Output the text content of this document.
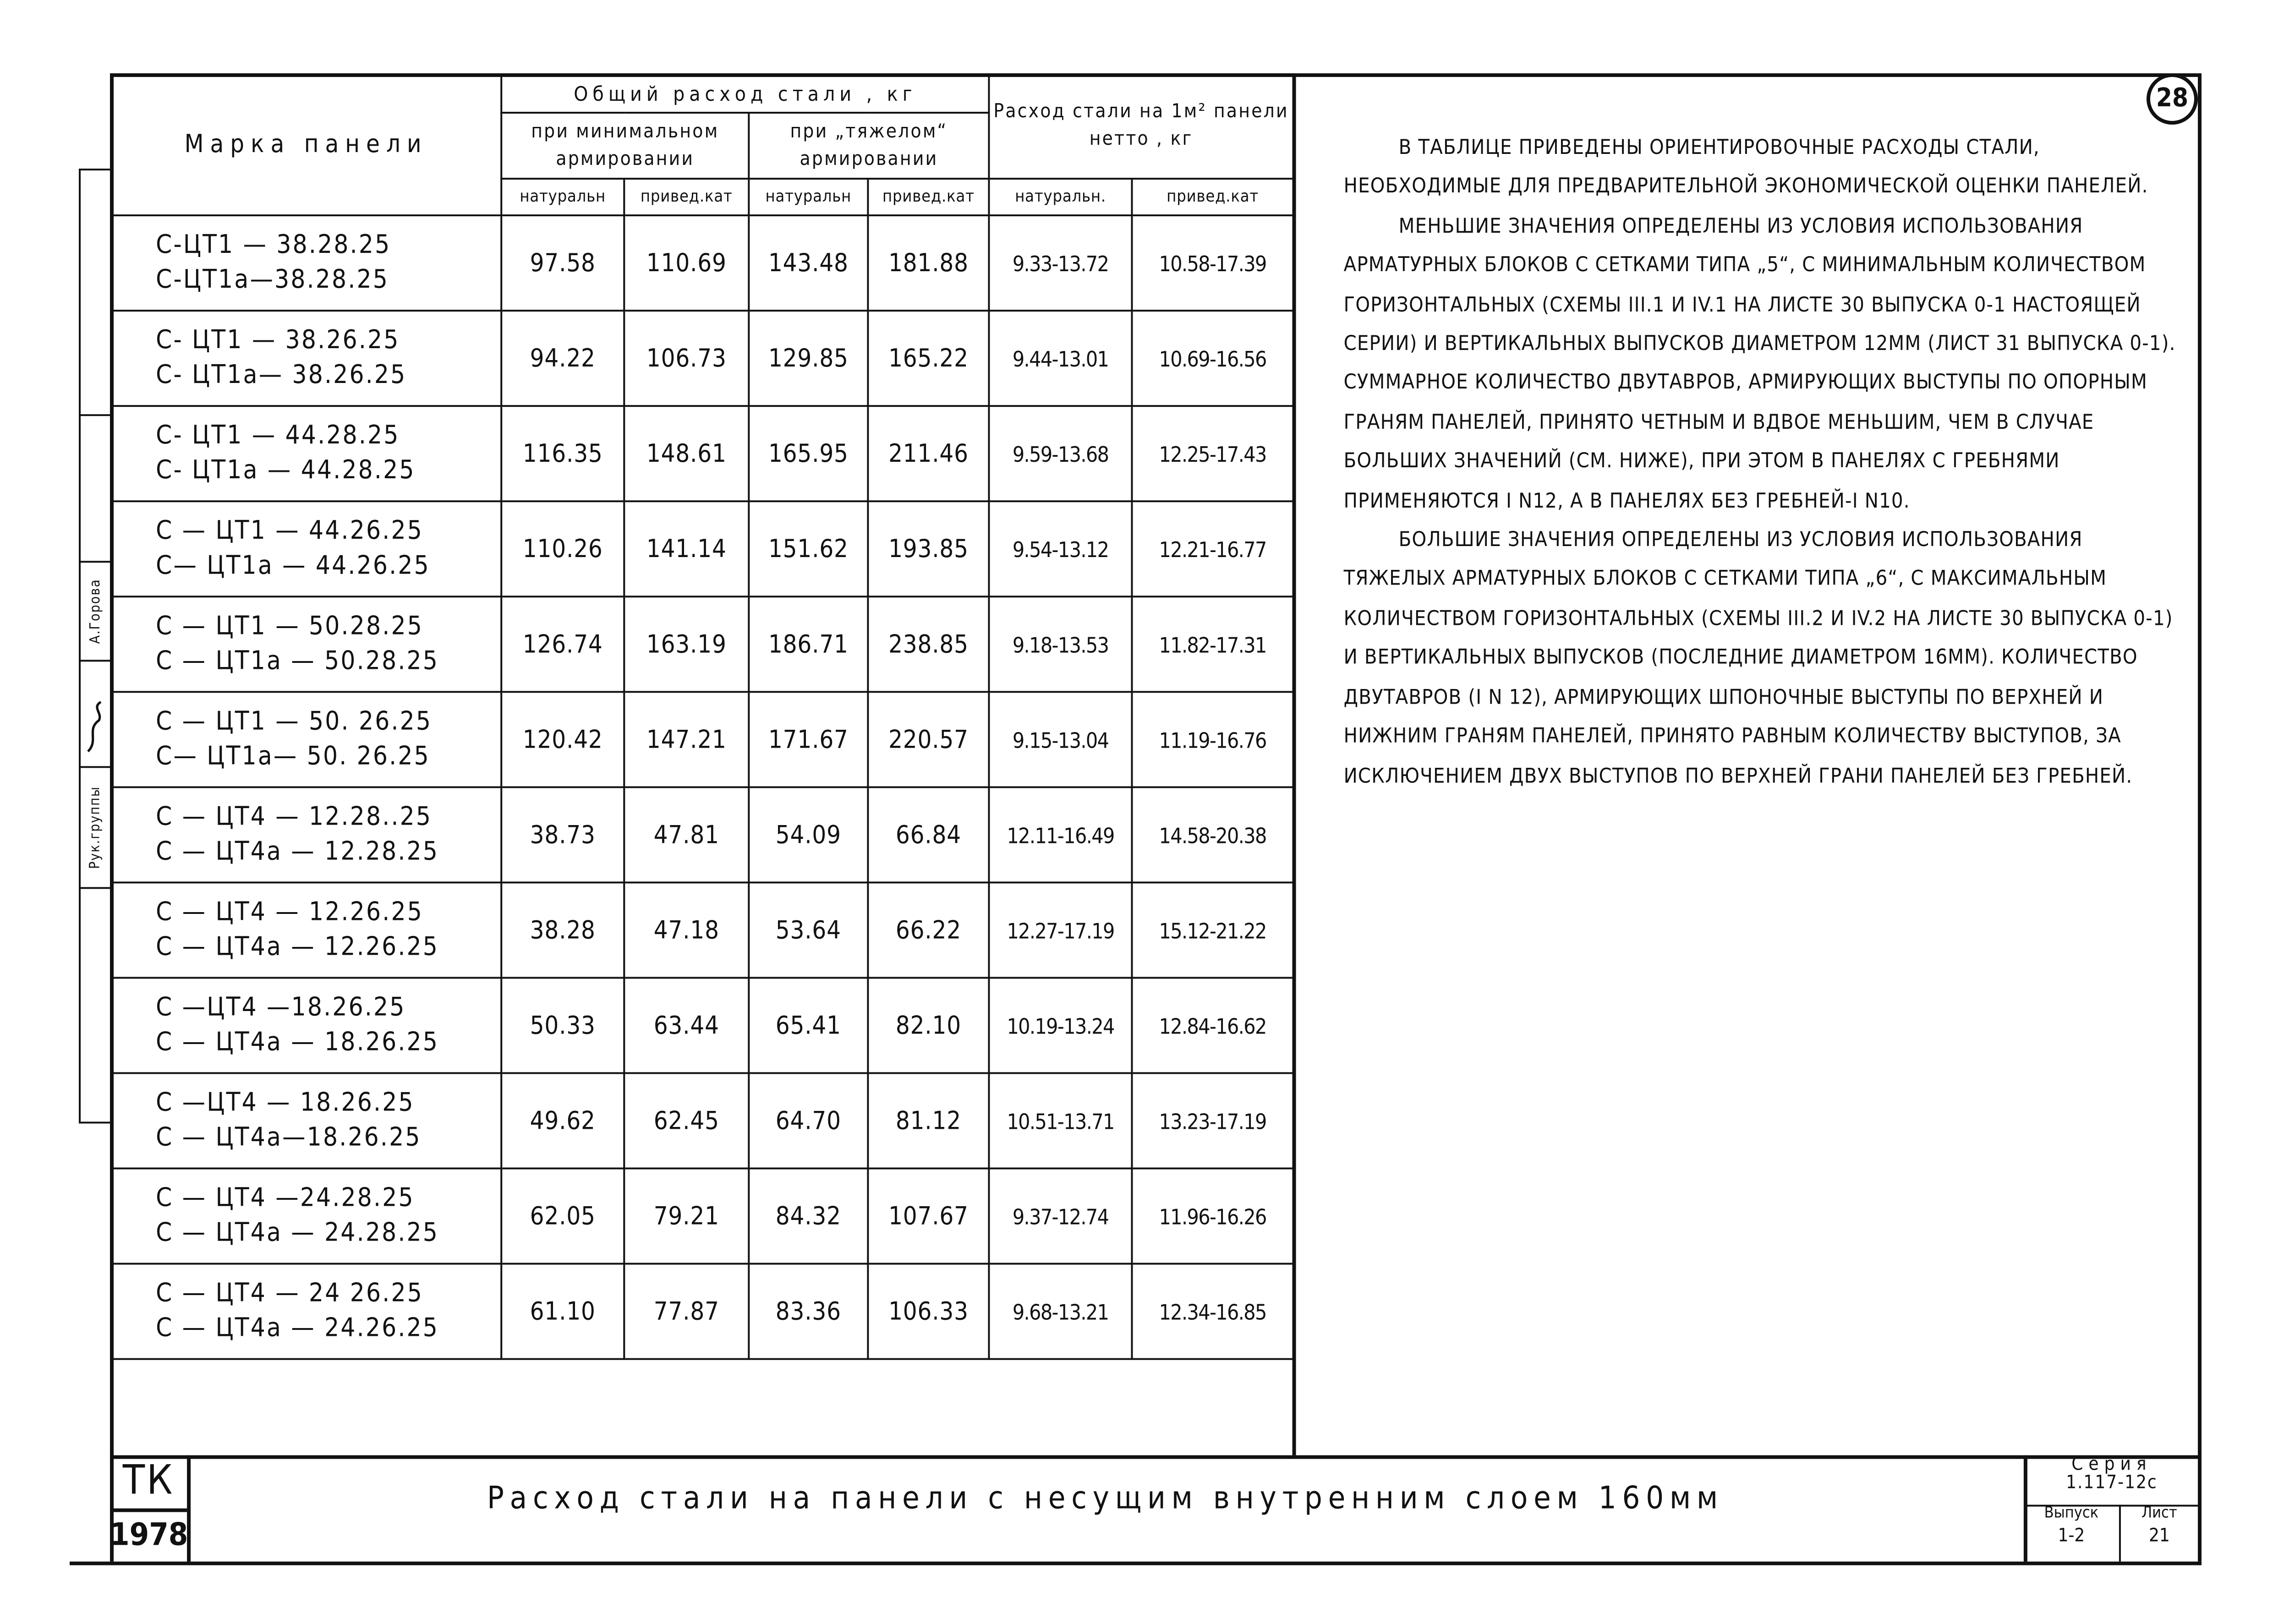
А.Горова
Рук.группы
Марка панели	Общий расход стали , кг				Расход стали на 1м² панели нетто , кг	
	при минимальном армировании		при „тяжелом“ армировании			
	натуральн	привед.кат	натуральн	привед.кат	натуральн.	привед.кат

С-ЦТ1 — 38.28.25
С-ЦТ1а—38.28.25	97.58	110.69	143.48	181.88	9.33-13.72	10.58-17.39

С- ЦТ1 — 38.26.25
С- ЦТ1а— 38.26.25	94.22	106.73	129.85	165.22	9.44-13.01	10.69-16.56

С- ЦТ1 — 44.28.25
С- ЦТ1а — 44.28.25	116.35	148.61	165.95	211.46	9.59-13.68	12.25-17.43

С — ЦТ1 — 44.26.25
С— ЦТ1а — 44.26.25	110.26	141.14	151.62	193.85	9.54-13.12	12.21-16.77

С — ЦТ1 — 50.28.25
С — ЦТ1а — 50.28.25	126.74	163.19	186.71	238.85	9.18-13.53	11.82-17.31

С — ЦТ1 — 50. 26.25
С— ЦТ1а— 50. 26.25	120.42	147.21	171.67	220.57	9.15-13.04	11.19-16.76

С — ЦТ4 — 12.28..25
С — ЦТ4а — 12.28.25	38.73	47.81	54.09	66.84	12.11-16.49	14.58-20.38

С — ЦТ4 — 12.26.25
С — ЦТ4а — 12.26.25	38.28	47.18	53.64	66.22	12.27-17.19	15.12-21.22

С —ЦТ4 —18.26.25
С — ЦТ4а — 18.26.25	50.33	63.44	65.41	82.10	10.19-13.24	12.84-16.62

С —ЦТ4 — 18.26.25
С — ЦТ4а—18.26.25	49.62	62.45	64.70	81.12	10.51-13.71	13.23-17.19

С — ЦТ4 —24.28.25
С — ЦТ4а — 24.28.25	62.05	79.21	84.32	107.67	9.37-12.74	11.96-16.26

С — ЦТ4 — 24 26.25
С — ЦТ4а — 24.26.25	61.10	77.87	83.36	106.33	9.68-13.21	12.34-16.85
28

В ТАБЛИЦЕ ПРИВЕДЕНЫ ОРИЕНТИРОВОЧНЫЕ РАСХОДЫ СТАЛИ, НЕОБХОДИМЫЕ ДЛЯ ПРЕДВАРИТЕЛЬНОЙ ЭКОНОМИЧЕСКОЙ ОЦЕНКИ ПАНЕЛЕЙ.

МЕНЬШИЕ ЗНАЧЕНИЯ ОПРЕДЕЛЕНЫ ИЗ УСЛОВИЯ ИСПОЛЬЗОВАНИЯ АРМАТУРНЫХ БЛОКОВ С СЕТКАМИ ТИПА „5“, С МИНИМАЛЬНЫМ КОЛИЧЕСТВОМ ГОРИЗОНТАЛЬНЫХ (СХЕМЫ III.1 И IV.1 НА ЛИСТЕ 30 ВЫПУСКА 0-1 НАСТОЯЩЕЙ СЕРИИ) И ВЕРТИКАЛЬНЫХ ВЫПУСКОВ ДИАМЕТРОМ 12ММ (ЛИСТ 31 ВЫПУСКА 0-1). СУММАРНОЕ КОЛИЧЕСТВО ДВУТАВРОВ, АРМИРУЮЩИХ ВЫСТУПЫ ПО ОПОРНЫМ ГРАНЯМ ПАНЕЛЕЙ, ПРИНЯТО ЧЕТНЫМ И ВДВОЕ МЕНЬШИМ, ЧЕМ В СЛУЧАЕ БОЛЬШИХ ЗНАЧЕНИЙ (СМ. НИЖЕ), ПРИ ЭТОМ В ПАНЕЛЯХ С ГРЕБНЯМИ ПРИМЕНЯЮТСЯ I N12, А В ПАНЕЛЯХ БЕЗ ГРЕБНЕЙ-I N10.

БОЛЬШИЕ ЗНАЧЕНИЯ ОПРЕДЕЛЕНЫ ИЗ УСЛОВИЯ ИСПОЛЬЗОВАНИЯ ТЯЖЕЛЫХ АРМАТУРНЫХ БЛОКОВ С СЕТКАМИ ТИПА „6“, С МАКСИМАЛЬНЫМ КОЛИЧЕСТВОМ ГОРИЗОНТАЛЬНЫХ (СХЕМЫ III.2 И IV.2 НА ЛИСТЕ 30 ВЫПУСКА 0-1) И ВЕРТИКАЛЬНЫХ ВЫПУСКОВ (ПОСЛЕДНИЕ ДИАМЕТРОМ 16ММ). КОЛИЧЕСТВО ДВУТАВРОВ (I N 12), АРМИРУЮЩИХ ШПОНОЧНЫЕ ВЫСТУПЫ ПО ВЕРХНЕЙ И НИЖНИМ ГРАНЯМ ПАНЕЛЕЙ, ПРИНЯТО РАВНЫМ КОЛИЧЕСТВУ ВЫСТУПОВ, ЗА ИСКЛЮЧЕНИЕМ ДВУХ ВЫСТУПОВ ПО ВЕРХНЕЙ ГРАНИ ПАНЕЛЕЙ БЕЗ ГРЕБНЕЙ.

ТК
1978
Расход стали на панели с несущим внутренним слоем 160мм
Серия
1.117-12с
Выпуск	Лист
1-2	21
